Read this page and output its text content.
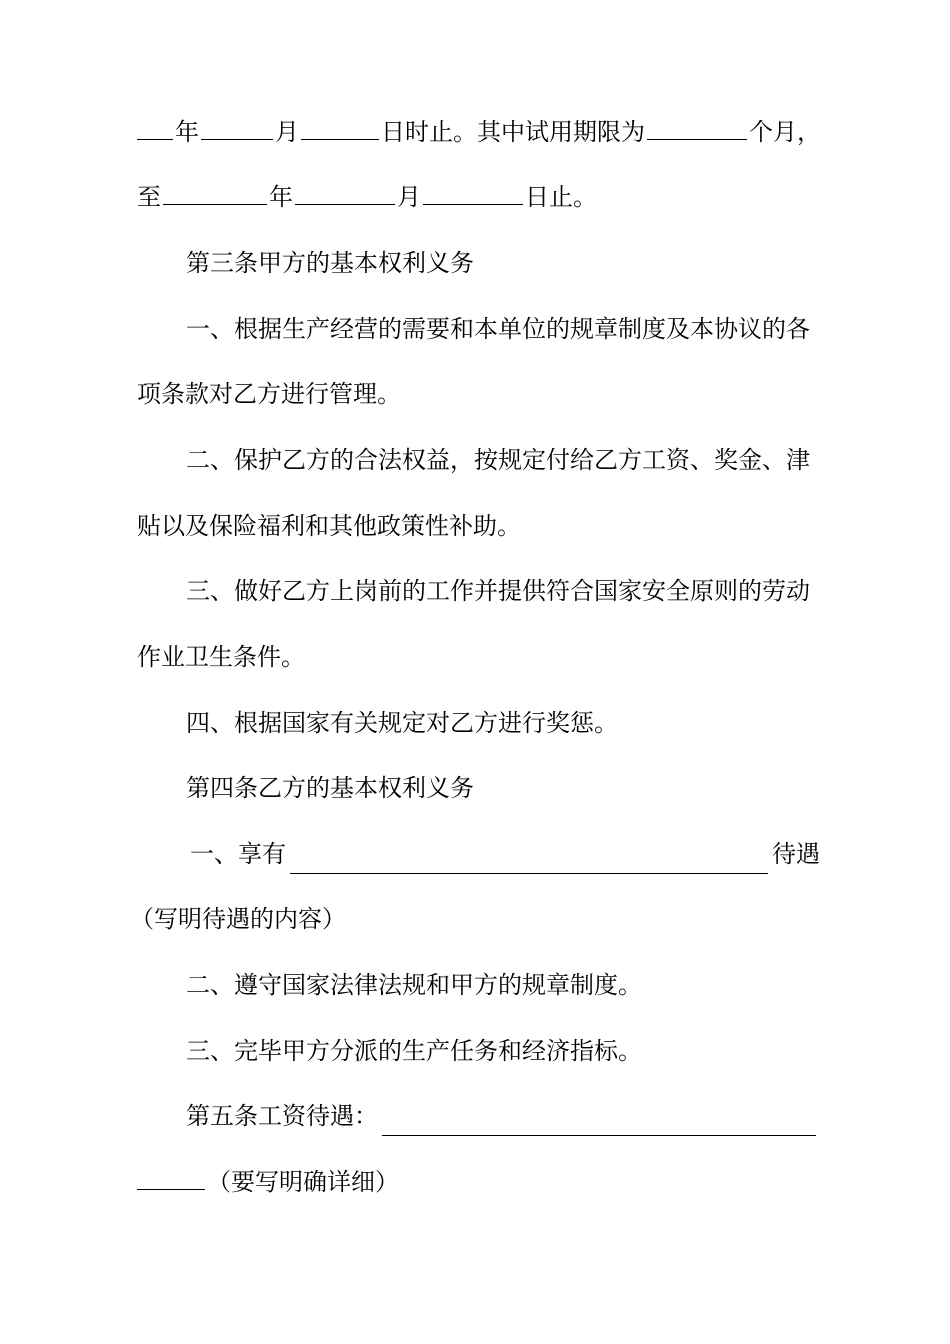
年	月	日时止。其中试用期限为	个月，
至	年	月	日止。
第三条甲方的基本权利义务
一、根据生产经营的需要和本单位的规章制度及本协议的各
项条款对乙方进行管理。
二、保护乙方的合法权益，按规定付给乙方工资、奖金、津
贴以及保险福利和其他政策性补助。
三、做好乙方上岗前的工作并提供符合国家安全原则的劳动
作业卫生条件。
四、根据国家有关规定对乙方进行奖惩。
第四条乙方的基本权利义务
一、享有	待遇
（写明待遇的内容）
二、遵守国家法律法规和甲方的规章制度。
三、完毕甲方分派的生产任务和经济指标。
第五条工资待遇：
（要写明确详细）
